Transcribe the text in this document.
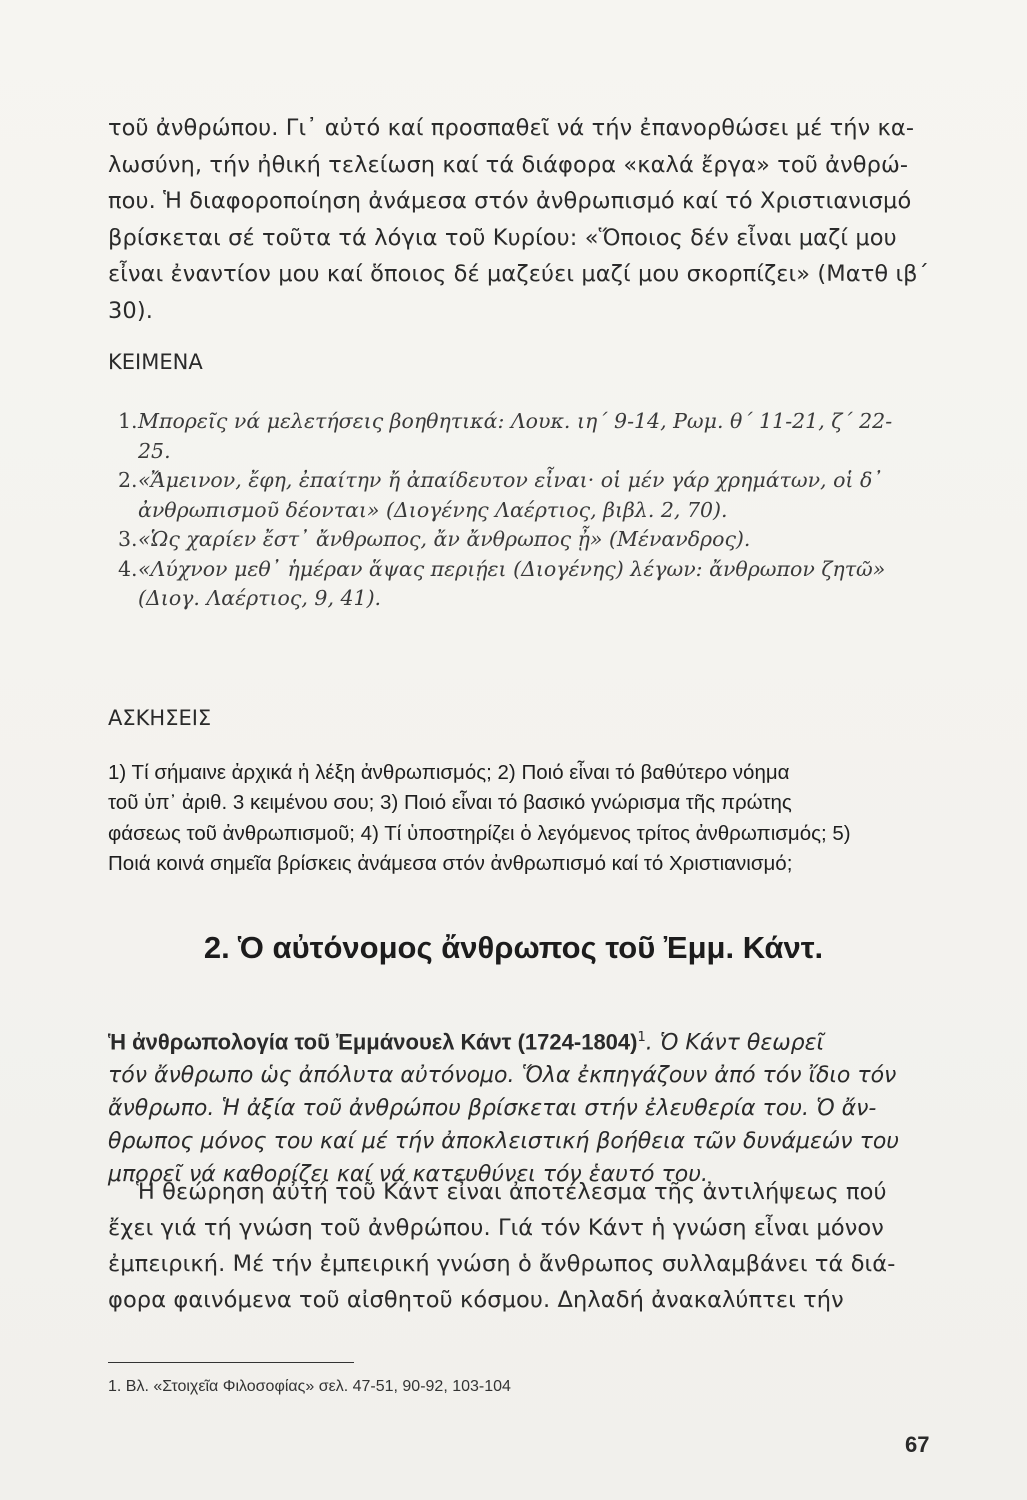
τοῦ ἀνθρώπου. Γι᾽ αὐτό καί προσπαθεῖ νά τήν ἐπανορθώσει μέ τήν κα-
λωσύνη, τήν ἠθική τελείωση καί τά διάφορα «καλά ἔργα» τοῦ ἀνθρώ-
που. Ἡ διαφοροποίηση ἀνάμεσα στόν ἀνθρωπισμό καί τό Χριστιανισμό
βρίσκεται σέ τοῦτα τά λόγια τοῦ Κυρίου: «Ὅποιος δέν εἶναι μαζί μου
εἶναι ἐναντίον μου καί ὅποιος δέ μαζεύει μαζί μου σκορπίζει» (Ματθ ιβ΄
30).
ΚΕΙΜΕΝΑ
1. Μπορεῖς νά μελετήσεις βοηθητικά: Λουκ. ιη΄ 9-14, Ρωμ. θ΄ 11-21, ζ΄ 22-
25.
2. «Ἄμεινον, ἔφη, ἐπαίτην ἤ ἀπαίδευτον εἶναι· οἱ μέν γάρ χρημάτων, οἱ δ᾽
ἀνθρωπισμοῦ δέονται» (Διογένης Λαέρτιος, βιβλ. 2, 70).
3. «Ὡς χαρίεν ἔστ᾽ ἄνθρωπος, ἄν ἄνθρωπος ᾖ» (Μένανδρος).
4. «Λύχνον μεθ᾽ ἡμέραν ἅψας περιῄει (Διογένης) λέγων: ἄνθρωπον ζητῶ»
(Διογ. Λαέρτιος, 9, 41).
ΑΣΚΗΣΕΙΣ
1) Τί σήμαινε ἀρχικά ἡ λέξη ἀνθρωπισμός; 2) Ποιό εἶναι τό βαθύτερο νόημα
τοῦ ὑπ᾽ ἀριθ. 3 κειμένου σου; 3) Ποιό εἶναι τό βασικό γνώρισμα τῆς πρώτης
φάσεως τοῦ ἀνθρωπισμοῦ; 4) Τί ὑποστηρίζει ὁ λεγόμενος τρίτος ἀνθρωπισμός; 5)
Ποιά κοινά σημεῖα βρίσκεις ἀνάμεσα στόν ἀνθρωπισμό καί τό Χριστιανισμό;
2. Ὁ αὐτόνομος ἄνθρωπος τοῦ Ἐμμ. Κάντ.
Ἡ ἀνθρωπολογία τοῦ Ἐμμάνουελ Κάντ (1724-1804)$^1$. Ὁ Κάντ θεωρεῖ
τόν ἄνθρωπο ὡς ἀπόλυτα αὐτόνομο. Ὅλα ἐκπηγάζουν ἀπό τόν ἴδιο τόν
ἄνθρωπο. Ἡ ἀξία τοῦ ἀνθρώπου βρίσκεται στήν ἐλευθερία του. Ὁ ἄν-
θρωπος μόνος του καί μέ τήν ἀποκλειστική βοήθεια τῶν δυνάμεών του
μπορεῖ νά καθορίζει καί νά κατευθύνει τόν ἑαυτό του.
Ἡ θεώρηση αὐτή τοῦ Κάντ εἶναι ἀποτέλεσμα τῆς ἀντιλήψεως πού
ἔχει γιά τή γνώση τοῦ ἀνθρώπου. Γιά τόν Κάντ ἡ γνώση εἶναι μόνον
ἐμπειρική. Μέ τήν ἐμπειρική γνώση ὁ ἄνθρωπος συλλαμβάνει τά διά-
φορα φαινόμενα τοῦ αἰσθητοῦ κόσμου. Δηλαδή ἀνακαλύπτει τήν
1. Βλ. «Στοιχεῖα Φιλοσοφίας» σελ. 47-51, 90-92, 103-104
67
